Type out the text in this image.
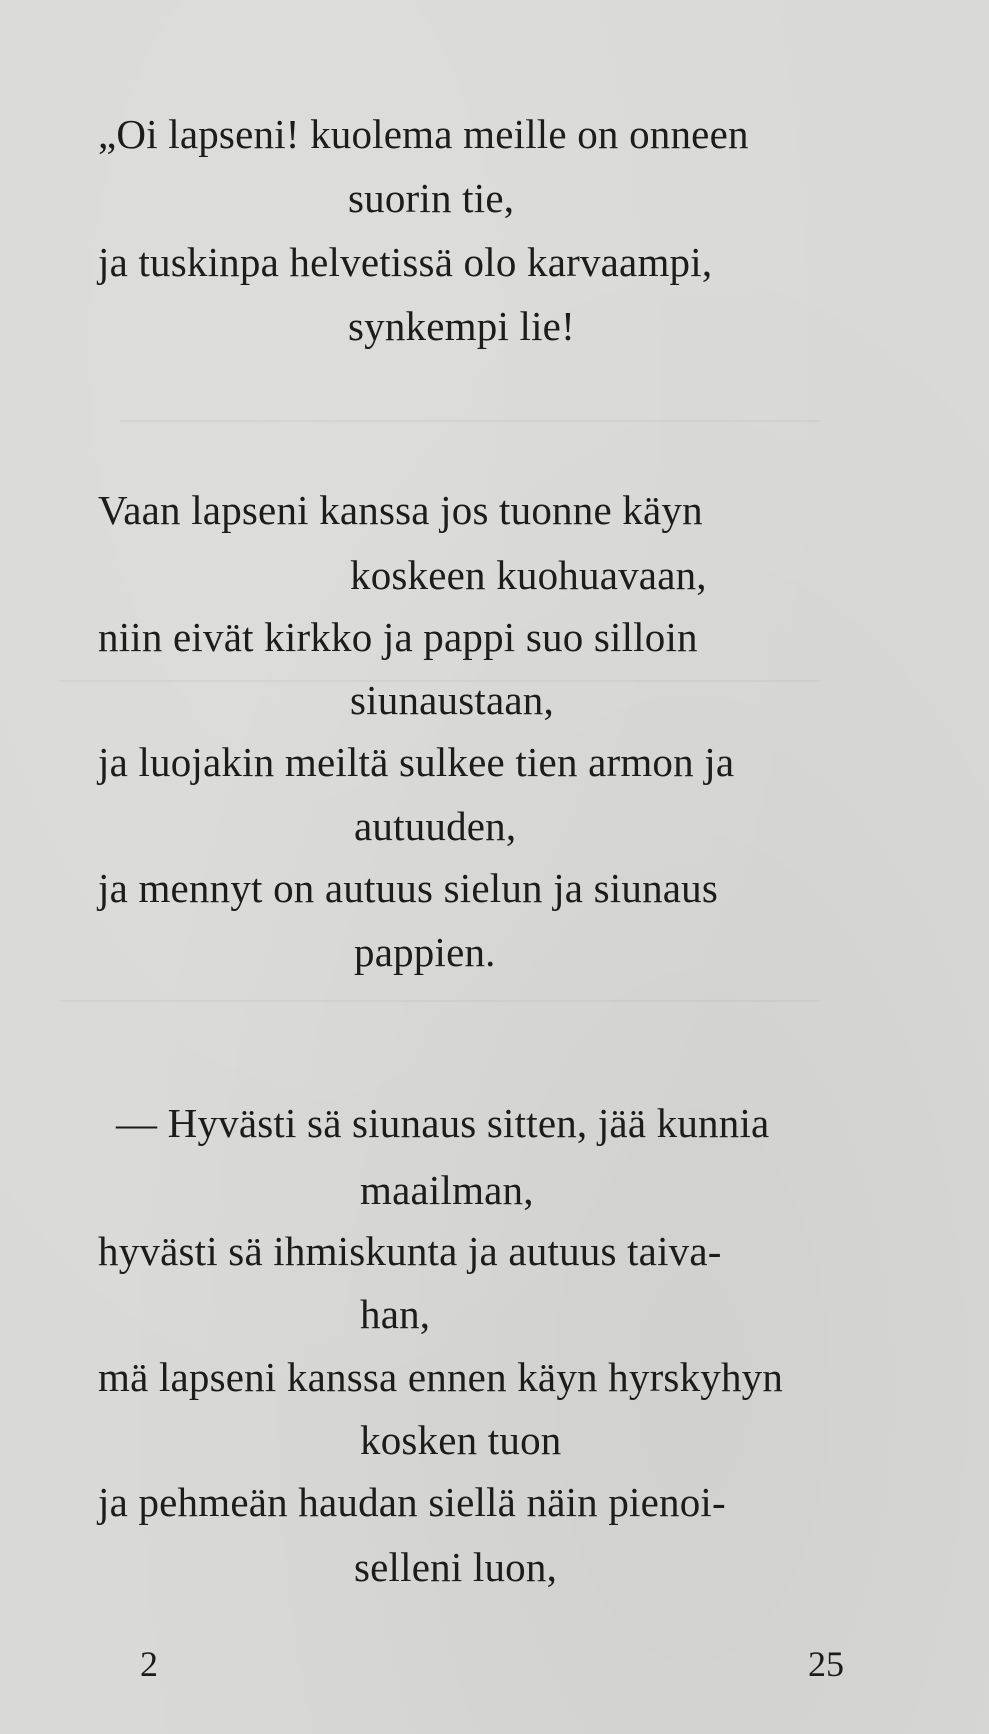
„Oi lapseni! kuolema meille on onneen
suorin tie,
ja tuskinpa helvetissä olo karvaampi,
synkempi lie!
Vaan lapseni kanssa jos tuonne käyn
koskeen kuohuavaan,
niin eivät kirkko ja pappi suo silloin
siunaustaan,
ja luojakin meiltä sulkee tien armon ja
autuuden,
ja mennyt on autuus sielun ja siunaus
pappien.
— Hyvästi sä siunaus sitten, jää kunnia
maailman,
hyvästi sä ihmiskunta ja autuus taiva-
han,
mä lapseni kanssa ennen käyn hyrskyhyn
kosken tuon
ja pehmeän haudan siellä näin pienoi-
selleni luon,
2	25
